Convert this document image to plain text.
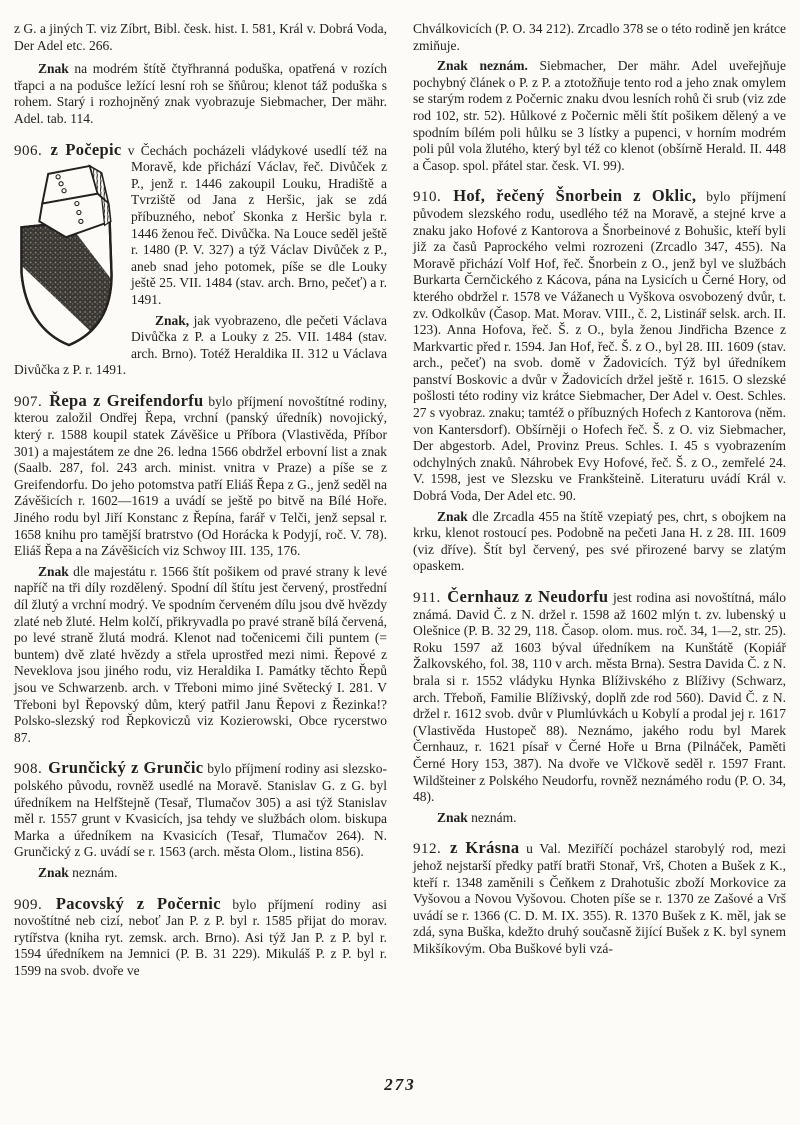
z G. a jiných T. viz Zíbrt, Bibl. česk. hist. I. 581, Král v. Dobrá Voda, Der Adel etc. 266.

Znak na modrém štítě čtyřhranná poduška, opatřená v rozích třapci a na podušce ležící lesní roh se šňůrou; klenot táž poduška s rohem. Starý i rozhojněný znak vyobrazuje Siebmacher, Der mähr. Adel. tab. 114.

906. z Počepic v Čechách pocházeli vládykové usedlí též na Moravě, kde přichází Václav, řeč. Divůček z P., jenž r. 1446 zakoupil Louku, Hradiště a Tvrziště od Jana z Heršic, jak se zdá příbuzného, neboť Skonka z Heršic byla r. 1446 ženou řeč. Divůčka. Na Louce seděl ještě r. 1480 (P. V. 327) a týž Václav Divůček z P., aneb snad jeho potomek, píše se dle Louky ještě 25. VII. 1484 (stav. arch. Brno, pečeť) a r. 1491.

Znak, jak vyobrazeno, dle pečeti Václava Divůčka z P. a Louky z 25. VII. 1484 (stav. arch. Brno). Totéž Heraldika II. 312 u Václava Divůčka z P. r. 1491.

907. Řepa z Greifendorfu bylo příjmení novoštítné rodiny, kterou založil Ondřej Řepa, vrchní (panský úředník) novojický, který r. 1588 koupil statek Závěšice u Příbora (Vlastivěda, Příbor 301) a majestátem ze dne 26. ledna 1566 obdržel erbovní list a znak (Saalb. 287, fol. 243 arch. minist. vnitra v Praze) a píše se z Greifendorfu. Do jeho potomstva patří Eliáš Řepa z G., jenž seděl na Závěšicích r. 1602—1619 a uvádí se ještě po bitvě na Bílé Hoře. Jiného rodu byl Jiří Konstanc z Řepína, farář v Telči, jenž sepsal r. 1658 knihu pro tamější bratrstvo (Od Horácka k Podyjí, roč. V. 78). Eliáš Řepa a na Závěšicích viz Schwoy III. 135, 176.

Znak dle majestátu r. 1566 štít pošikem od pravé strany k levé napříč na tři díly rozdělený. Spodní díl štítu jest červený, prostřední díl žlutý a vrchní modrý. Ve spodním červeném dílu jsou dvě hvězdy zlaté neb žluté. Helm kolčí, přikryvadla po pravé straně bílá červená, po levé straně žlutá modrá. Klenot nad točenicemi čili puntem (= buntem) dvě zlaté hvězdy a střela uprostřed mezi nimi. Řepové z Neveklova jsou jiného rodu, viz Heraldika I. Památky těchto Řepů jsou ve Schwarzenb. arch. v Třeboni mimo jiné Světecký I. 281. V Třeboni byl Řepovský dům, který patřil Janu Řepovi z Řezinka!? Polsko-slezský rod Řepkoviczů viz Kozierowski, Obce rycerstwo 87.

908. Grunčický z Grunčic bylo příjmení rodiny asi slezsko-polského původu, rovněž usedlé na Moravě. Stanislav G. z G. byl úředníkem na Helfštejně (Tesař, Tlumačov 305) a asi týž Stanislav měl r. 1557 grunt v Kvasicích, jsa tehdy ve službách olom. biskupa Marka a úředníkem na Kvasicích (Tesař, Tlumačov 264). N. Grunčický z G. uvádí se r. 1563 (arch. města Olom., listina 856).

Znak neznám.

909. Pacovský z Počernic bylo příjmení rodiny asi novoštítné neb cizí, neboť Jan P. z P. byl r. 1585 přijat do morav. rytířstva (kniha ryt. zemsk. arch. Brno). Asi týž Jan P. z P. byl r. 1594 úředníkem na Jemnici (P. B. 31 229). Mikuláš P. z P. byl r. 1599 na svob. dvoře ve

Chválkovicích (P. O. 34 212). Zrcadlo 378 se o této rodině jen krátce zmiňuje.

Znak neznám. Siebmacher, Der mähr. Adel uveřejňuje pochybný článek o P. z P. a ztotožňuje tento rod a jeho znak omylem se starým rodem z Počernic znaku dvou lesních rohů či srub (viz zde rod 102, str. 52). Hůlkové z Počernic měli štít pošikem dělený a ve spodním bílém poli hůlku se 3 lístky a pupenci, v horním modrém poli půl vola žlutého, který byl též co klenot (obšírně Herald. II. 448 a Časop. spol. přátel star. česk. VI. 99).

910. Hof, řečený Šnorbein z Oklic, bylo příjmení původem slezského rodu, usedlého též na Moravě, a stejné krve a znaku jako Hofové z Kantorova a Šnorbeinové z Bohušic, kteří byli již za časů Paprockého velmi rozrozeni (Zrcadlo 347, 455). Na Moravě přichází Volf Hof, řeč. Šnorbein z O., jenž byl ve službách Burkarta Černčického z Kácova, pána na Lysicích u Černé Hory, od kterého obdržel r. 1578 ve Vážanech u Vyškova osvobozený dvůr, t. zv. Odkolkův (Časop. Mat. Morav. VIII., č. 2, Listinář selsk. arch. II. 123). Anna Hofova, řeč. Š. z O., byla ženou Jindřicha Bzence z Markvartic před r. 1594. Jan Hof, řeč. Š. z O., byl 28. III. 1609 (stav. arch., pečeť) na svob. domě v Žadovicích. Týž byl úředníkem panství Boskovic a dvůr v Žadovicích držel ještě r. 1615. O slezské pošlosti této rodiny viz krátce Siebmacher, Der Adel v. Oest. Schles. 27 s vyobraz. znaku; tamtéž o příbuzných Hofech z Kantorova (něm. von Kantersdorf). Obšírněji o Hofech řeč. Š. z O. viz Siebmacher, Der abgestorb. Adel, Provinz Preus. Schles. I. 45 s vyobrazením odchylných znaků. Náhrobek Evy Hofové, řeč. Š. z O., zemřelé 24. V. 1598, jest ve Slezsku ve Frankšteině. Literaturu uvádí Král v. Dobrá Voda, Der Adel etc. 90.

Znak dle Zrcadla 455 na štítě vzepiatý pes, chrt, s obojkem na krku, klenot rostoucí pes. Podobně na pečeti Jana H. z 28. III. 1609 (viz dříve). Štít byl červený, pes své přirozené barvy se zlatým opaskem.

911. Černhauz z Neudorfu jest rodina asi novoštítná, málo známá. David Č. z N. držel r. 1598 až 1602 mlýn t. zv. lubenský u Olešnice (P. B. 32 29, 118. Časop. olom. mus. roč. 34, 1—2, str. 25). Roku 1597 až 1603 býval úředníkem na Kunštátě (Kopiář Žalkovského, fol. 38, 110 v arch. města Brna). Sestra Davida Č. z N. brala si r. 1552 vládyku Hynka Blíživského z Blíživy (Schwarz, arch. Třeboň, Familie Blíživský, doplň zde rod 560). David Č. z N. držel r. 1612 svob. dvůr v Plumlúvkách u Kobylí a prodal jej r. 1617 (Vlastivěda Hustopeč 88). Neznámo, jakého rodu byl Marek Černhauz, r. 1621 písař v Černé Hoře u Brna (Pilnáček, Paměti Černé Hory 153, 387). Na dvoře ve Vlčkově seděl r. 1597 Frant. Wildšteiner z Polského Neudorfu, rovněž neznámého rodu (P. O. 34, 48).

Znak neznám.

912. z Krásna u Val. Meziříčí pocházel starobylý rod, mezi jehož nejstarší předky patří bratři Stonař, Vrš, Choten a Bušek z K., kteří r. 1348 zaměnili s Čeňkem z Drahotušic zboží Morkovice za Vyšovou a Novou Vyšovou. Choten píše se r. 1370 ze Zašové a Vrš uvádí se r. 1366 (C. D. M. IX. 355). R. 1370 Bušek z K. měl, jak se zdá, syna Buška, kdežto druhý současně žijící Bušek z K. byl synem Mikšíkovým. Oba Buškové byli vzá-

273
